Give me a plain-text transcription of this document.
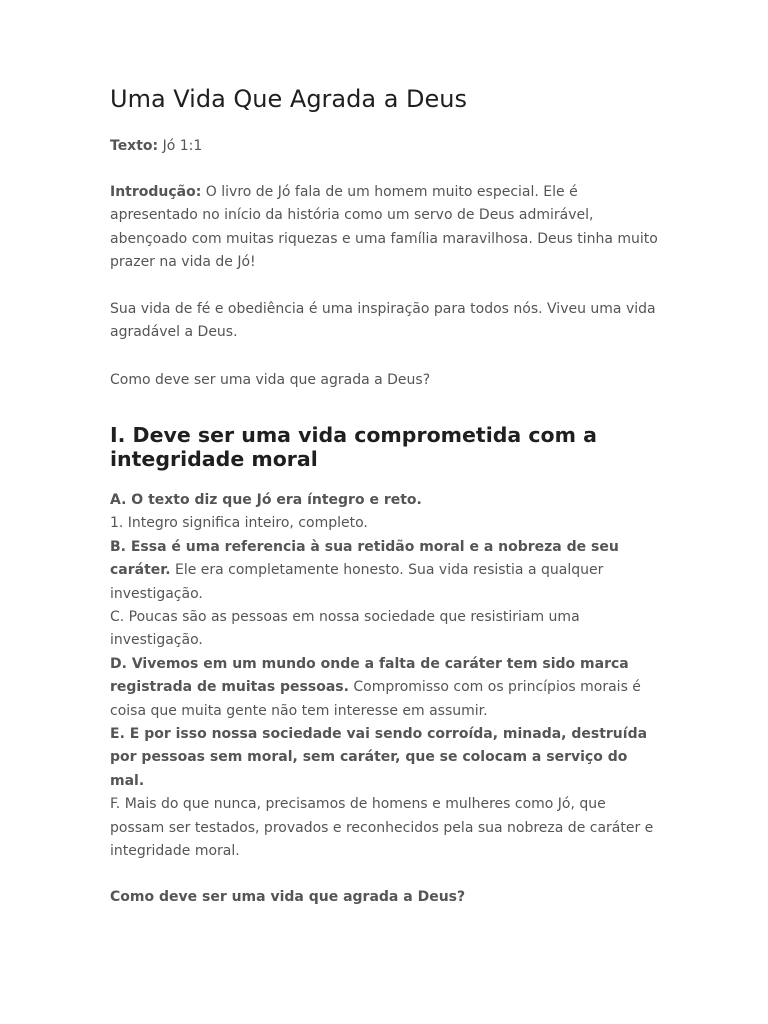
Uma Vida Que Agrada a Deus

Texto: Jó 1:1

Introdução: O livro de Jó fala de um homem muito especial. Ele é apresentado no início da história como um servo de Deus admirável, abençoado com muitas riquezas e uma família maravilhosa. Deus tinha muito prazer na vida de Jó!

Sua vida de fé e obediência é uma inspiração para todos nós. Viveu uma vida agradável a Deus.

Como deve ser uma vida que agrada a Deus?

I. Deve ser uma vida comprometida com a integridade moral
A. O texto diz que Jó era íntegro e reto.
1. Integro significa inteiro, completo.
B. Essa é uma referencia à sua retidão moral e a nobreza de seu caráter. Ele era completamente honesto. Sua vida resistia a qualquer investigação.
C. Poucas são as pessoas em nossa sociedade que resistiriam uma investigação.
D. Vivemos em um mundo onde a falta de caráter tem sido marca registrada de muitas pessoas. Compromisso com os princípios morais é coisa que muita gente não tem interesse em assumir.
E. E por isso nossa sociedade vai sendo corroída, minada, destruída por pessoas sem moral, sem caráter, que se colocam a serviço do mal.
F. Mais do que nunca, precisamos de homens e mulheres como Jó, que possam ser testados, provados e reconhecidos pela sua nobreza de caráter e integridade moral.

Como deve ser uma vida que agrada a Deus?
